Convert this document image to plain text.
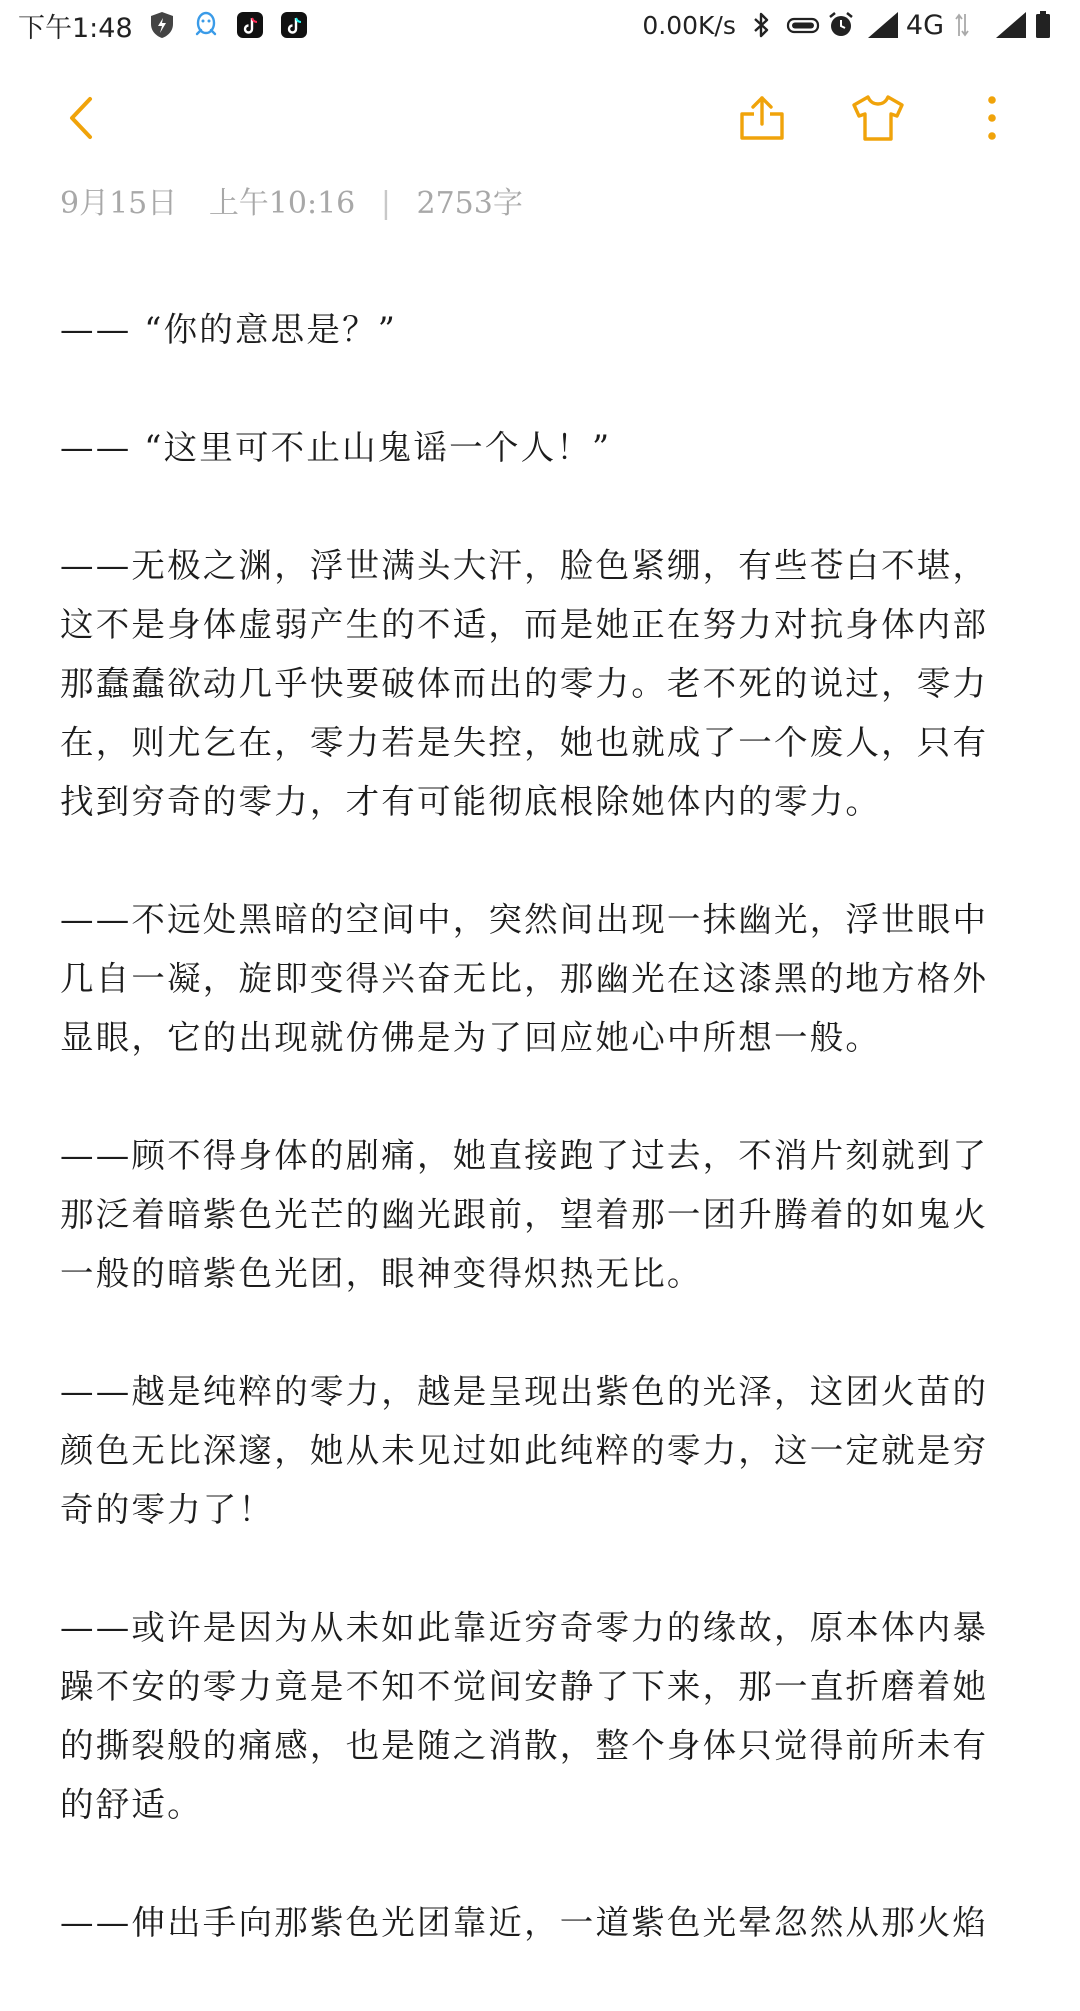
下午1:48	0.00K/s	4G
9月15日 上午10:16 | 2753字

—— “你的意思是？”

—— “这里可不止山鬼谣一个人！”

——无极之渊，浮世满头大汗，脸色紧绷，有些苍白不堪，这不是身体虚弱产生的不适，而是她正在努力对抗身体内部那蠢蠢欲动几乎快要破体而出的零力。老不死的说过，零力在，则尤乞在，零力若是失控，她也就成了一个废人，只有找到穷奇的零力，才有可能彻底根除她体内的零力。

——不远处黑暗的空间中，突然间出现一抹幽光，浮世眼中几自一凝，旋即变得兴奋无比，那幽光在这漆黑的地方格外显眼，它的出现就仿佛是为了回应她心中所想一般。

——顾不得身体的剧痛，她直接跑了过去，不消片刻就到了那泛着暗紫色光芒的幽光跟前，望着那一团升腾着的如鬼火一般的暗紫色光团，眼神变得炽热无比。

——越是纯粹的零力，越是呈现出紫色的光泽，这团火苗的颜色无比深邃，她从未见过如此纯粹的零力，这一定就是穷奇的零力了！

——或许是因为从未如此靠近穷奇零力的缘故，原本体内暴躁不安的零力竟是不知不觉间安静了下来，那一直折磨着她的撕裂般的痛感，也是随之消散，整个身体只觉得前所未有的舒适。

——伸出手向那紫色光团靠近，一道紫色光晕忽然从那火焰
